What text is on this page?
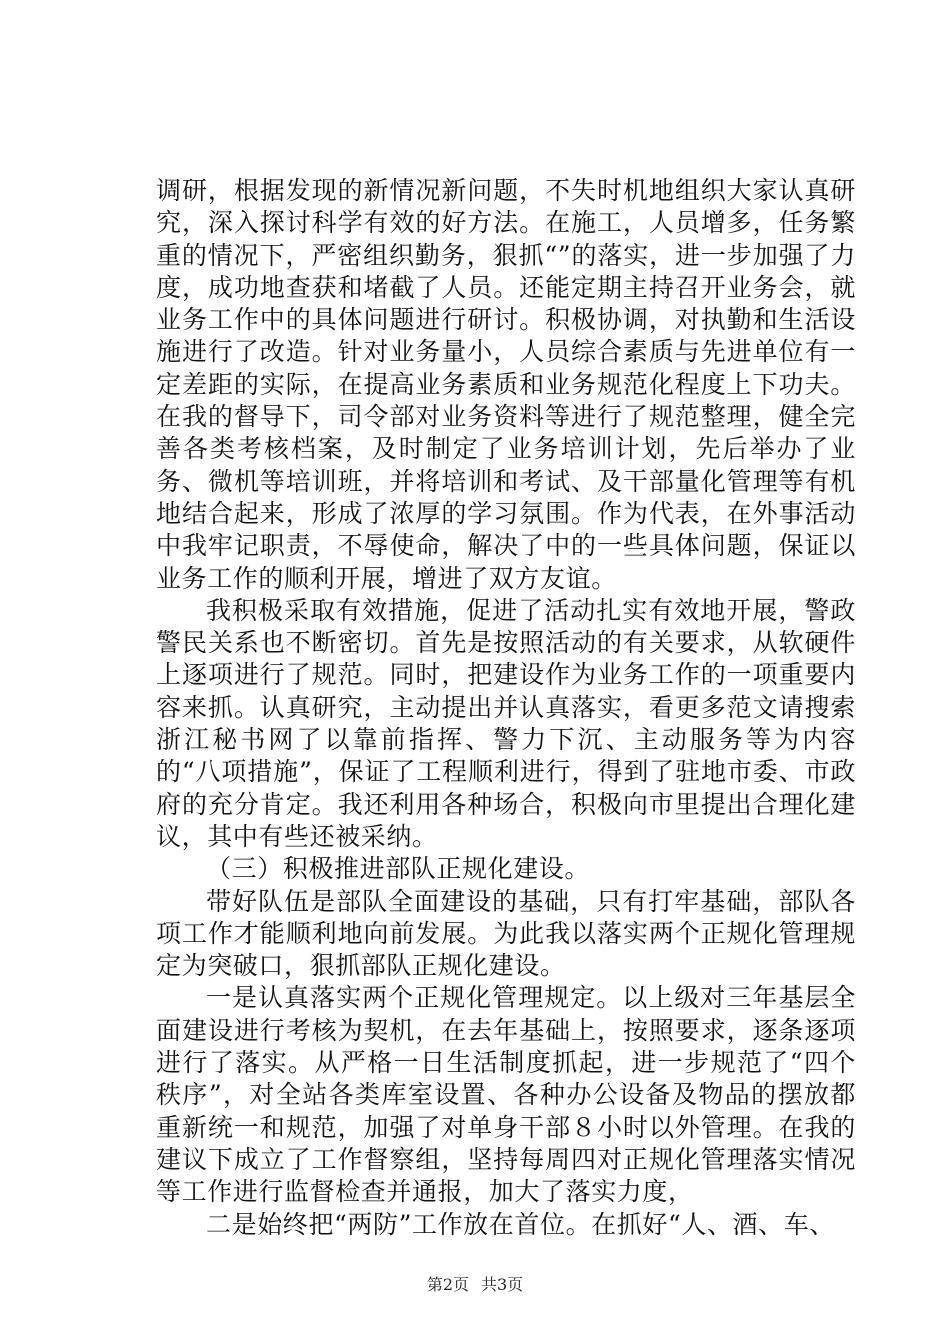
调研，根据发现的新情况新问题，不失时机地组织大家认真研究，深入探讨科学有效的好方法。在施工，人员增多，任务繁重的情况下，严密组织勤务，狠抓“”的落实，进一步加强了力度，成功地查获和堵截了人员。还能定期主持召开业务会，就业务工作中的具体问题进行研讨。积极协调，对执勤和生活设施进行了改造。针对业务量小，人员综合素质与先进单位有一定差距的实际，在提高业务素质和业务规范化程度上下功夫。在我的督导下，司令部对业务资料等进行了规范整理，健全完善各类考核档案，及时制定了业务培训计划，先后举办了业务、微机等培训班，并将培训和考试、及干部量化管理等有机地结合起来，形成了浓厚的学习氛围。作为代表，在外事活动中我牢记职责，不辱使命，解决了中的一些具体问题，保证以业务工作的顺利开展，增进了双方友谊。

我积极采取有效措施，促进了活动扎实有效地开展，警政警民关系也不断密切。首先是按照活动的有关要求，从软硬件上逐项进行了规范。同时，把建设作为业务工作的一项重要内容来抓。认真研究，主动提出并认真落实，看更多范文请搜索浙江秘书网了以靠前指挥、警力下沉、主动服务等为内容的“八项措施”，保证了工程顺利进行，得到了驻地市委、市政府的充分肯定。我还利用各种场合，积极向市里提出合理化建议，其中有些还被采纳。

（三）积极推进部队正规化建设。

带好队伍是部队全面建设的基础，只有打牢基础，部队各项工作才能顺利地向前发展。为此我以落实两个正规化管理规定为突破口，狠抓部队正规化建设。

一是认真落实两个正规化管理规定。以上级对三年基层全面建设进行考核为契机，在去年基础上，按照要求，逐条逐项进行了落实。从严格一日生活制度抓起，进一步规范了“四个秩序”，对全站各类库室设置、各种办公设备及物品的摆放都重新统一和规范，加强了对单身干部８小时以外管理。在我的建议下成立了工作督察组，坚持每周四对正规化管理落实情况等工作进行监督检查并通报，加大了落实力度，

二是始终把“两防”工作放在首位。在抓好“人、酒、车、

第2页 共3页
